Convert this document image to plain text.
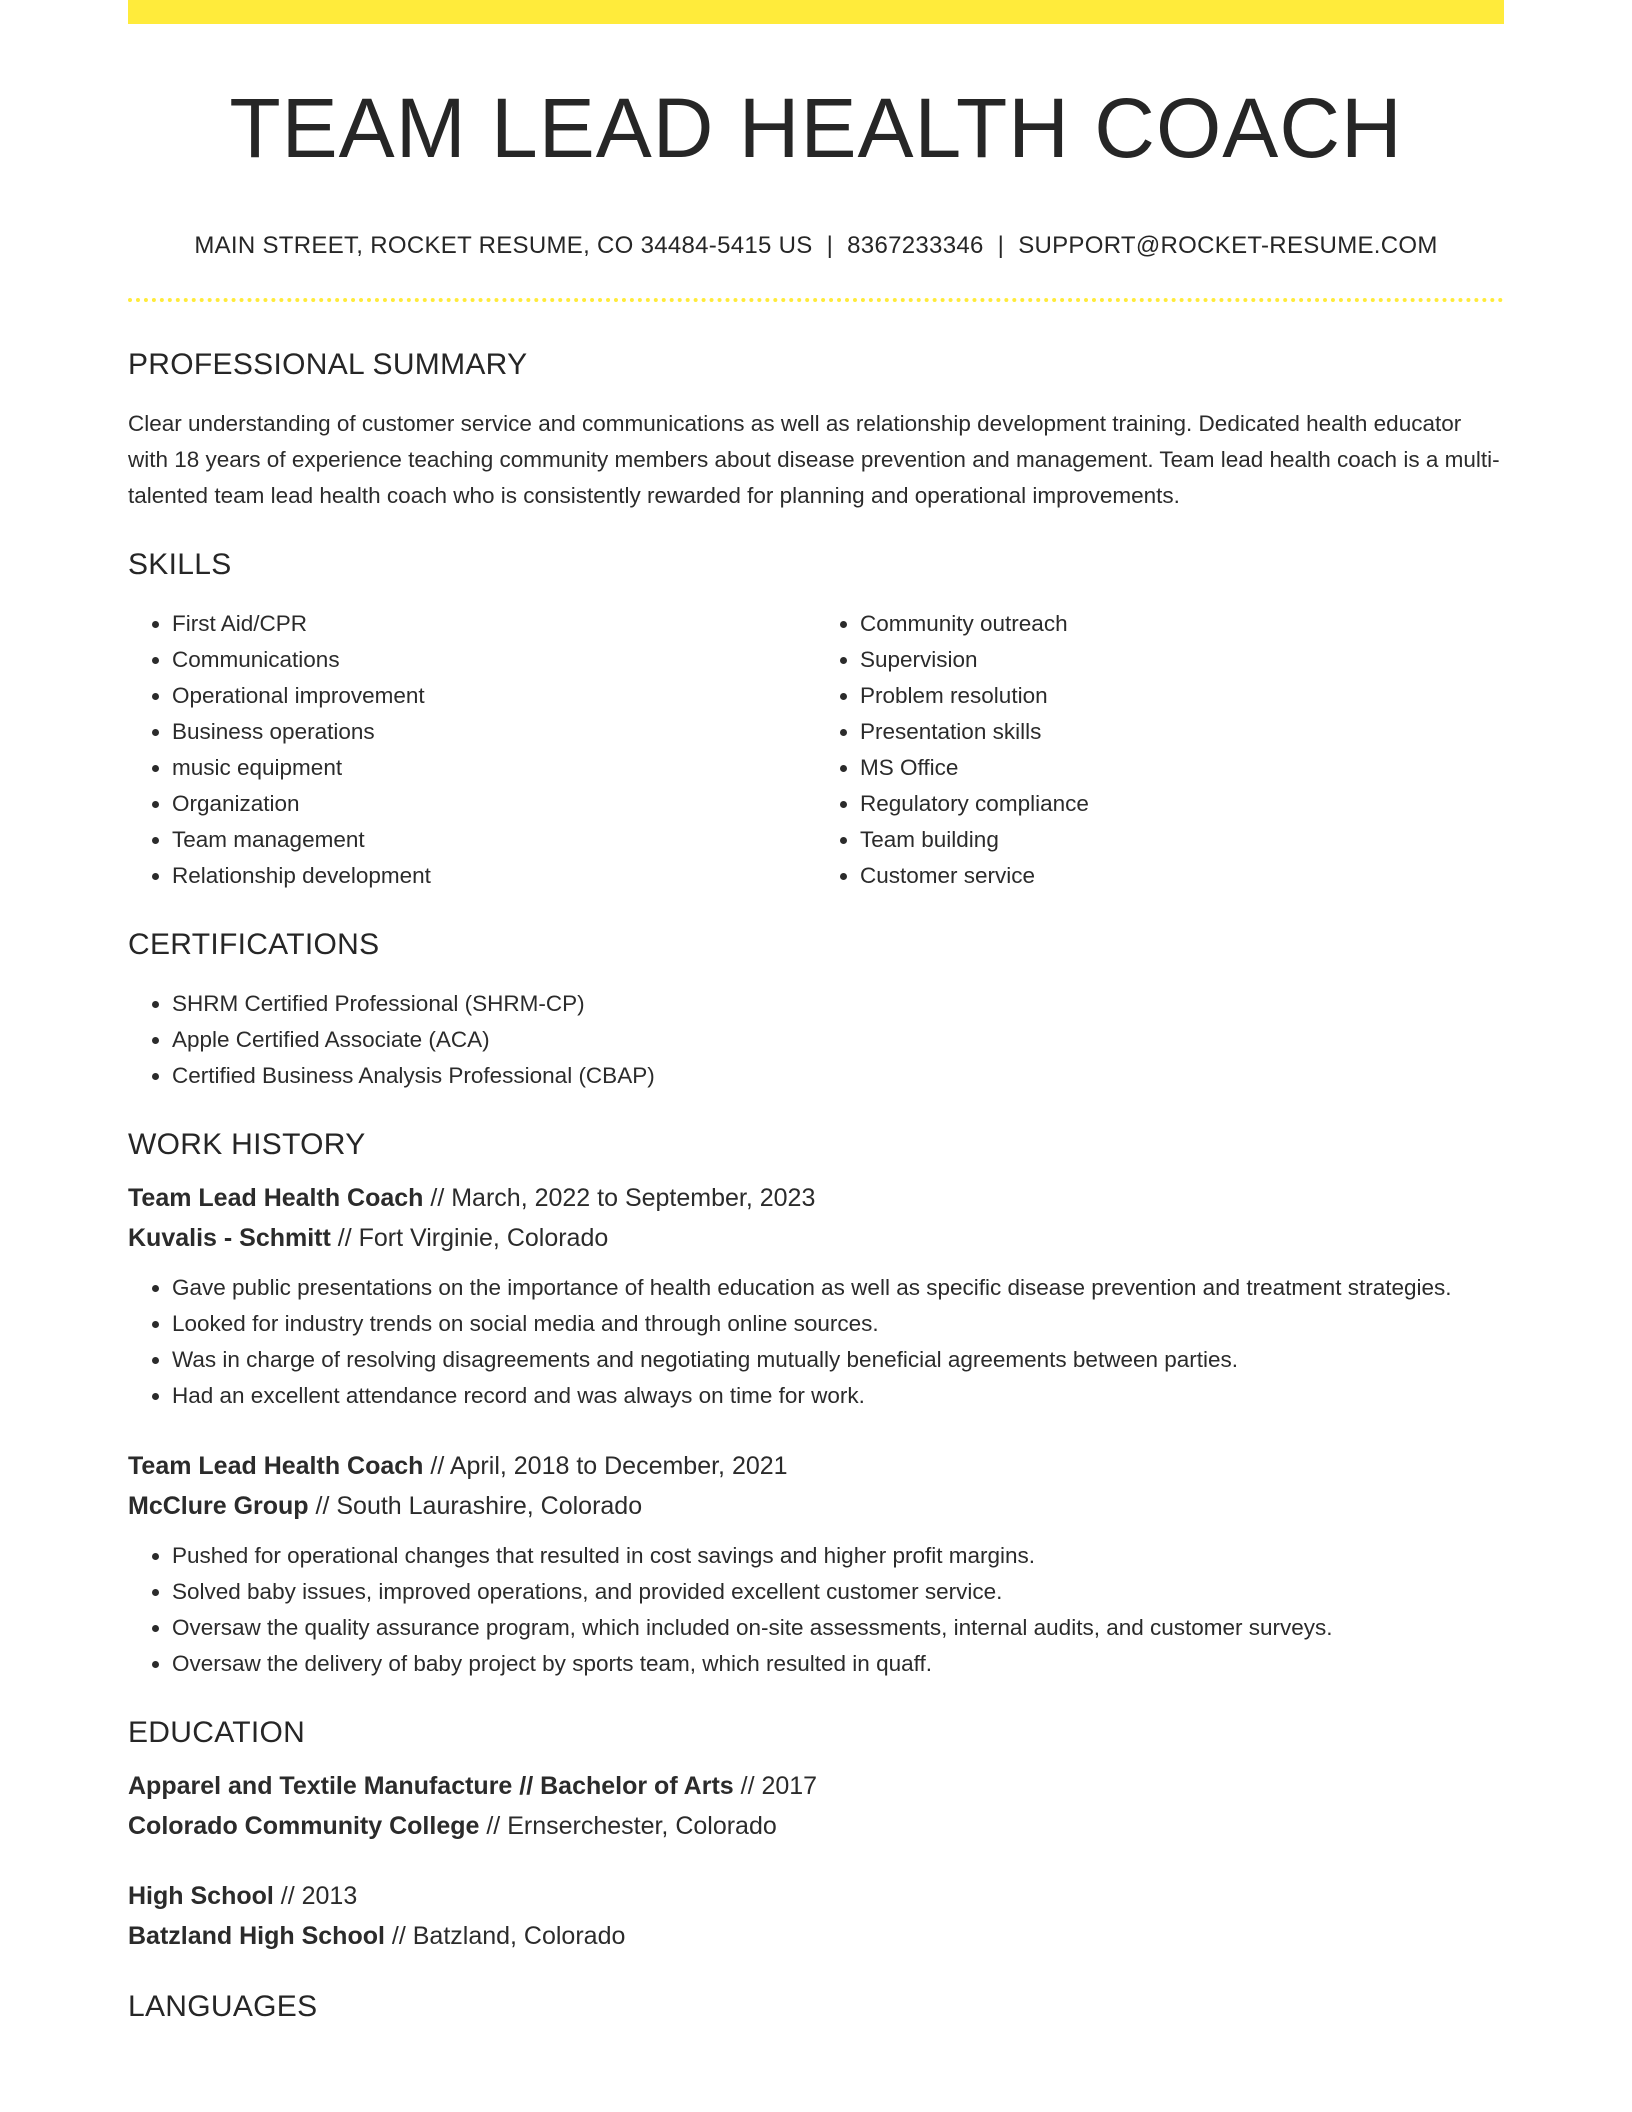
TEAM LEAD HEALTH COACH
MAIN STREET, ROCKET RESUME, CO 34484-5415 US | 8367233346 | SUPPORT@ROCKET-RESUME.COM
PROFESSIONAL SUMMARY

Clear understanding of customer service and communications as well as relationship development training. Dedicated health educator with 18 years of experience teaching community members about disease prevention and management. Team lead health coach is a multi-talented team lead health coach who is consistently rewarded for planning and operational improvements.

SKILLS
• First Aid/CPR
• Communications
• Operational improvement
• Business operations
• music equipment
• Organization
• Team management
• Relationship development
• Community outreach
• Supervision
• Problem resolution
• Presentation skills
• MS Office
• Regulatory compliance
• Team building
• Customer service
CERTIFICATIONS
• SHRM Certified Professional (SHRM-CP)
• Apple Certified Associate (ACA)
• Certified Business Analysis Professional (CBAP)
WORK HISTORY

Team Lead Health Coach // March, 2022 to September, 2023

Kuvalis - Schmitt // Fort Virginie, Colorado

• Gave public presentations on the importance of health education as well as specific disease prevention and treatment strategies.
• Looked for industry trends on social media and through online sources.
• Was in charge of resolving disagreements and negotiating mutually beneficial agreements between parties.
• Had an excellent attendance record and was always on time for work.

Team Lead Health Coach // April, 2018 to December, 2021

McClure Group // South Laurashire, Colorado

• Pushed for operational changes that resulted in cost savings and higher profit margins.
• Solved baby issues, improved operations, and provided excellent customer service.
• Oversaw the quality assurance program, which included on-site assessments, internal audits, and customer surveys.
• Oversaw the delivery of baby project by sports team, which resulted in quaff.
EDUCATION

Apparel and Textile Manufacture // Bachelor of Arts // 2017

Colorado Community College // Ernserchester, Colorado

High School // 2013

Batzland High School // Batzland, Colorado

LANGUAGES
